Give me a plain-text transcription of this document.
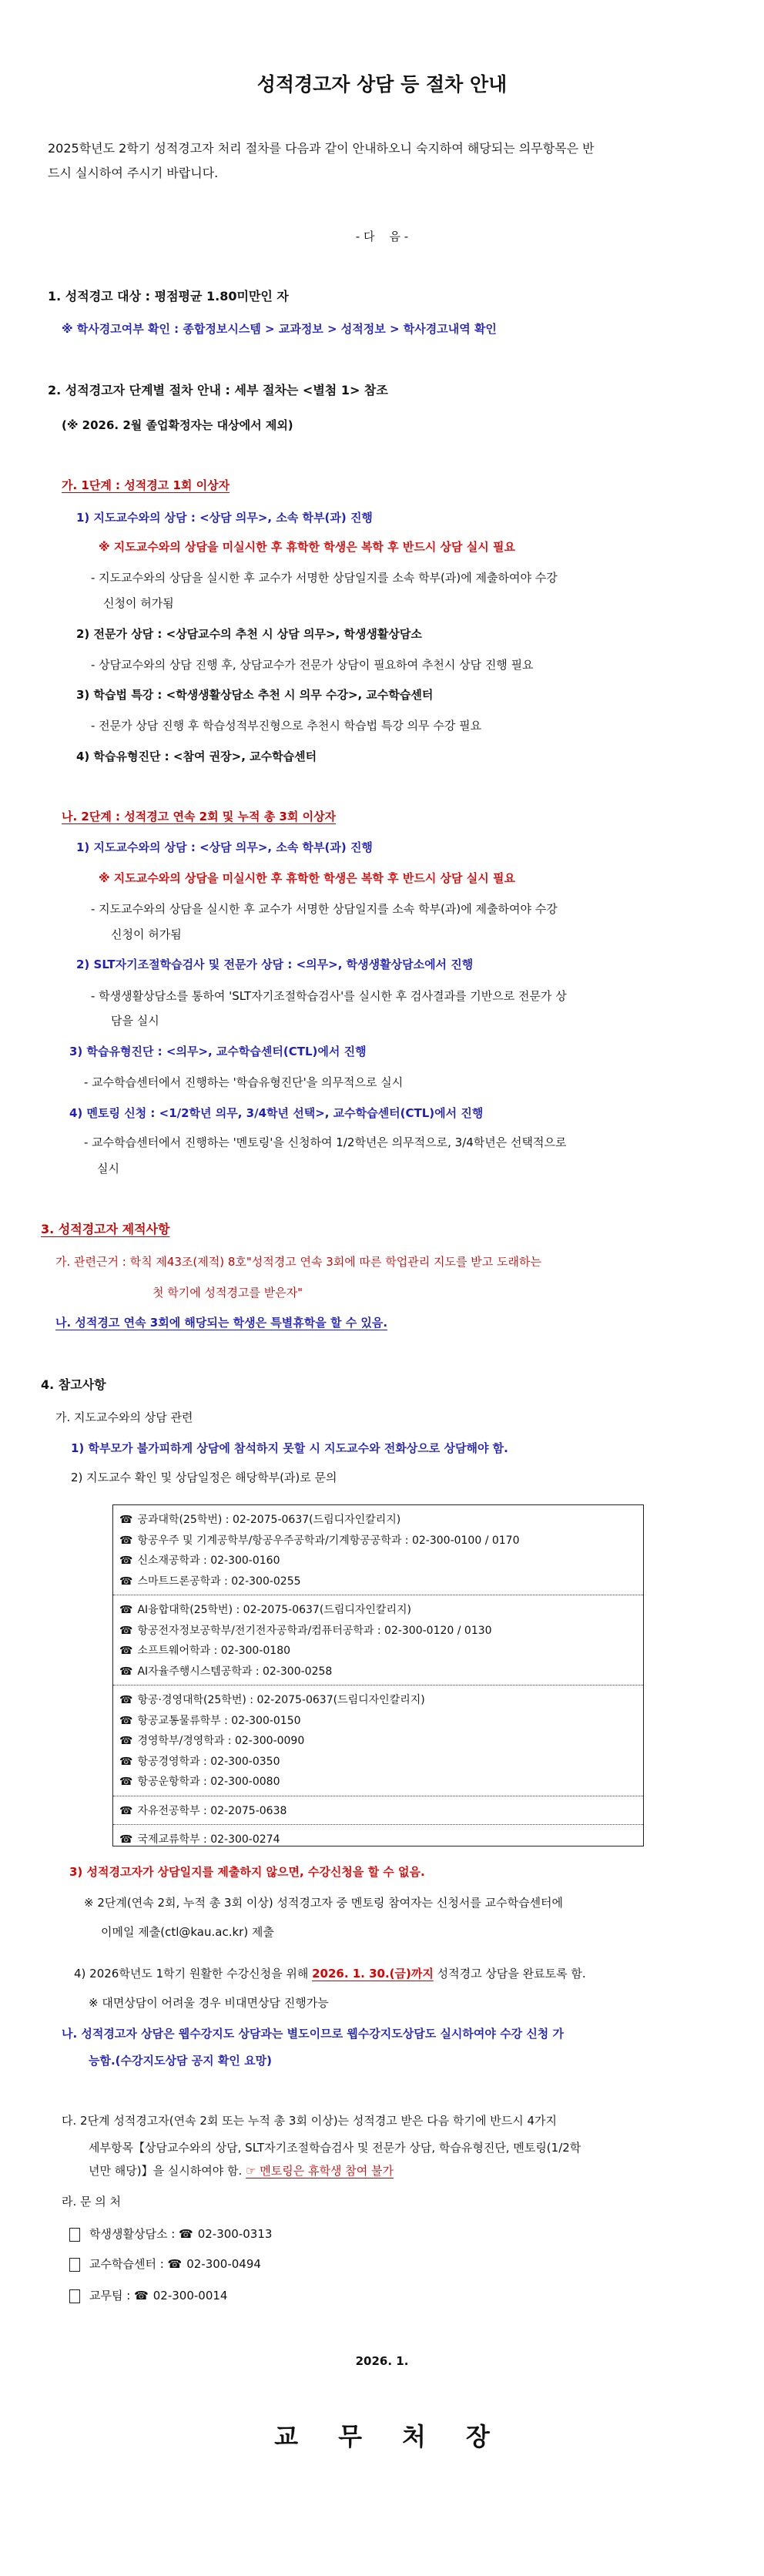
성적경고자 상담 등 절차 안내
2025학년도 2학기 성적경고자 처리 절차를 다음과 같이 안내하오니 숙지하여 해당되는 의무항목은 반
드시 실시하여 주시기 바랍니다.
- 다    음 -
1. 성적경고 대상 : 평점평균 1.80미만인 자
※ 학사경고여부 확인 : 종합정보시스템 > 교과정보 > 성적정보 > 학사경고내역 확인
2. 성적경고자 단계별 절차 안내 : 세부 절차는 <별첨 1> 참조
(※ 2026. 2월 졸업확정자는 대상에서 제외)
가. 1단계 : 성적경고 1회 이상자
1) 지도교수와의 상담 : <상담 의무>, 소속 학부(과) 진행
※ 지도교수와의 상담을 미실시한 후 휴학한 학생은 복학 후 반드시 상담 실시 필요
- 지도교수와의 상담을 실시한 후 교수가 서명한 상담일지를 소속 학부(과)에 제출하여야 수강
신청이 허가됨
2) 전문가 상담 : <상담교수의 추천 시 상담 의무>, 학생생활상담소
- 상담교수와의 상담 진행 후, 상담교수가 전문가 상담이 필요하여 추천시 상담 진행 필요
3) 학습법 특강 : <학생생활상담소 추천 시 의무 수강>, 교수학습센터
- 전문가 상담 진행 후 학습성적부진형으로 추천시 학습법 특강 의무 수강 필요
4) 학습유형진단 : <참여 권장>, 교수학습센터
나. 2단계 : 성적경고 연속 2회 및 누적 총 3회 이상자
1) 지도교수와의 상담 : <상담 의무>, 소속 학부(과) 진행
※ 지도교수와의 상담을 미실시한 후 휴학한 학생은 복학 후 반드시 상담 실시 필요
- 지도교수와의 상담을 실시한 후 교수가 서명한 상담일지를 소속 학부(과)에 제출하여야 수강
신청이 허가됨
2) SLT자기조절학습검사 및 전문가 상담 : <의무>, 학생생활상담소에서 진행
- 학생생활상담소를 통하여 'SLT자기조절학습검사'를 실시한 후 검사결과를 기반으로 전문가 상
담을 실시
3) 학습유형진단 : <의무>, 교수학습센터(CTL)에서 진행
- 교수학습센터에서 진행하는 '학습유형진단'을 의무적으로 실시
4) 멘토링 신청 : <1/2학년 의무, 3/4학년 선택>, 교수학습센터(CTL)에서 진행
- 교수학습센터에서 진행하는 '멘토링'을 신청하여 1/2학년은 의무적으로, 3/4학년은 선택적으로
실시
3. 성적경고자 제적사항
가. 관련근거 : 학칙 제43조(제적) 8호"성적경고 연속 3회에 따른 학업관리 지도를 받고 도래하는
첫 학기에 성적경고를 받은자"
나. 성적경고 연속 3회에 해당되는 학생은 특별휴학을 할 수 있음.
4. 참고사항
가. 지도교수와의 상담 관련
1) 학부모가 불가피하게 상담에 참석하지 못할 시 지도교수와 전화상으로 상담해야 함.
2) 지도교수 확인 및 상담일정은 해당학부(과)로 문의
☎ 공과대학(25학번) : 02-2075-0637(드림디자인칼리지)
☎ 항공우주 및 기계공학부/항공우주공학과/기계항공공학과 : 02-300-0100 / 0170
☎ 신소재공학과 : 02-300-0160
☎ 스마트드론공학과 : 02-300-0255
☎ AI융합대학(25학번) : 02-2075-0637(드림디자인칼리지)
☎ 항공전자정보공학부/전기전자공학과/컴퓨터공학과 : 02-300-0120 / 0130
☎ 소프트웨어학과 : 02-300-0180
☎ AI자율주행시스템공학과 : 02-300-0258
☎ 항공·경영대학(25학번) : 02-2075-0637(드림디자인칼리지)
☎ 항공교통물류학부 : 02-300-0150
☎ 경영학부/경영학과 : 02-300-0090
☎ 항공경영학과 : 02-300-0350
☎ 항공운항학과 : 02-300-0080
☎ 자유전공학부 : 02-2075-0638
☎ 국제교류학부 : 02-300-0274
3) 성적경고자가 상담일지를 제출하지 않으면, 수강신청을 할 수 없음.
※ 2단계(연속 2회, 누적 총 3회 이상) 성적경고자 중 멘토링 참여자는 신청서를 교수학습센터에
이메일 제출(ctl@kau.ac.kr) 제출
4) 2026학년도 1학기 원활한 수강신청을 위해 2026. 1. 30.(금)까지 성적경고 상담을 완료토록 함.
※ 대면상담이 어려울 경우 비대면상담 진행가능
나. 성적경고자 상담은 웹수강지도 상담과는 별도이므로 웹수강지도상담도 실시하여야 수강 신청 가
능함.(수강지도상담 공지 확인 요망)
다. 2단계 성적경고자(연속 2회 또는 누적 총 3회 이상)는 성적경고 받은 다음 학기에 반드시 4가지
세부항목【상담교수와의 상담, SLT자기조절학습검사 및 전문가 상담, 학습유형진단, 멘토링(1/2학
년만 해당)】을 실시하여야 함. ☞ 멘토링은 휴학생 참여 불가
라. 문 의 처
학생생활상담소 : ☎ 02-300-0313
교수학습센터 : ☎ 02-300-0494
교무팀 : ☎ 02-300-0014
2026. 1.
교무처장
